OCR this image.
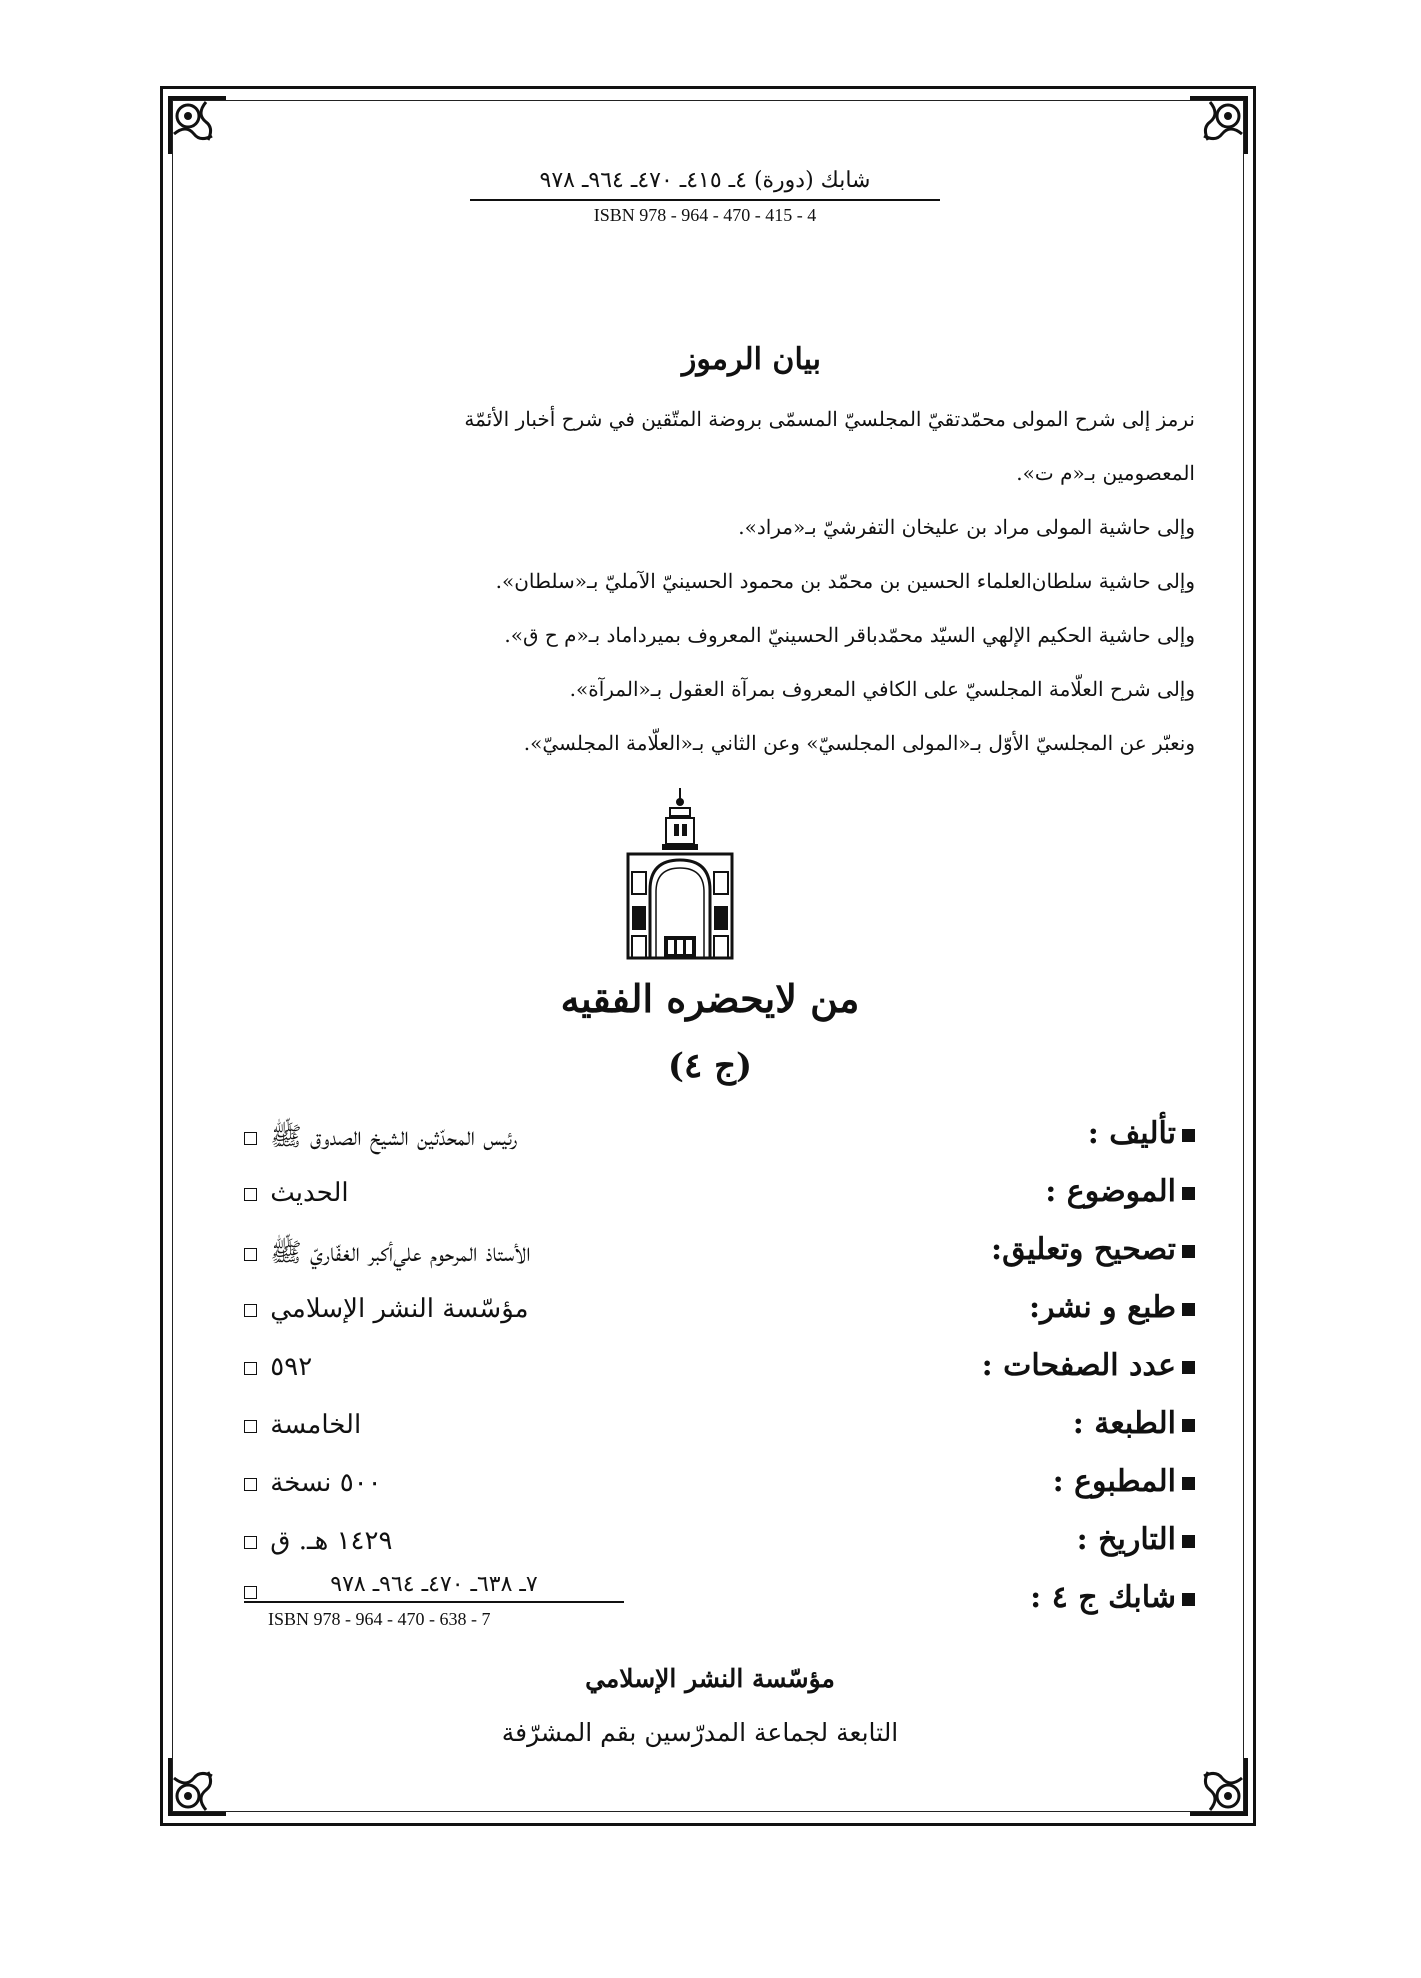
شابك (دورة) ٤ـ ٤١٥ـ ٤٧٠ـ ٩٦٤ـ ٩٧٨
ISBN 978 - 964 - 470 - 415 - 4
بيان الرموز

نرمز إلى شرح المولى محمّدتقيّ المجلسيّ المسمّى بروضة المتّقين في شرح أخبار الأئمّة

المعصومين بـ«م ت».

وإلى حاشية المولى مراد بن عليخان التفرشيّ بـ«مراد».

وإلى حاشية سلطان‌العلماء الحسين بن محمّد بن محمود الحسينيّ الآمليّ بـ«سلطان».

وإلى حاشية الحكيم الإلهي السيّد محمّدباقر الحسينيّ المعروف بميرداماد بـ«م ح ق».

وإلى شرح العلّامة المجلسيّ على الكافي المعروف بمرآة العقول بـ«المرآة».

ونعبّر عن المجلسيّ الأوّل بـ«المولى المجلسيّ» وعن الثاني بـ«العلّامة المجلسيّ».

من لايحضره الفقيه
(ج ٤)
تأليف :
رئيس المحدّثين الشيخ الصدوق ﷺ
الموضوع :
الحديث
تصحيح وتعليق:
الأستاذ المرحوم علي‌أكبر الغفّاريّ ﷺ
طبع و نشر:
مؤسّسة النشر الإسلامي
عدد الصفحات :
٥٩٢
الطبعة :
الخامسة
المطبوع :
٥٠٠ نسخة
التاريخ :
١٤٢٩ هـ. ق
شابك ج ٤ :
٧ـ ٦٣٨ـ ٤٧٠ـ ٩٦٤ـ ٩٧٨
ISBN 978 - 964 - 470 - 638 - 7
مؤسّسة النشر الإسلامي
التابعة لجماعة المدرّسين بقم المشرّفة
